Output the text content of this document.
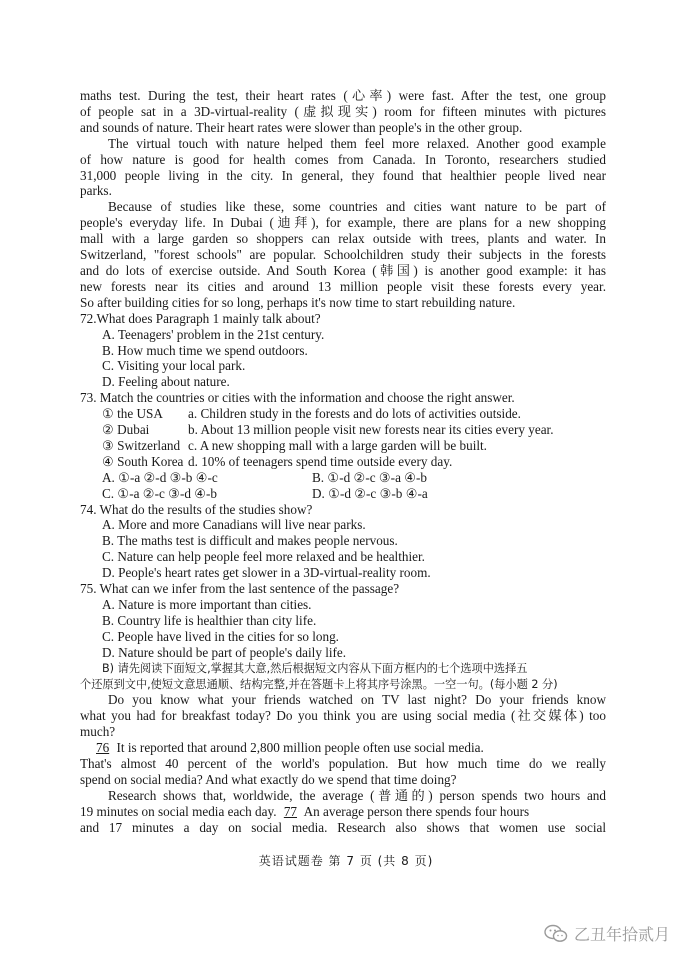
maths test. During the test, their heart rates (心率) were fast. After the test, one group
of people sat in a 3D-virtual-reality (虚拟现实) room for fifteen minutes with pictures
and sounds of nature. Their heart rates were slower than people's in the other group.
The virtual touch with nature helped them feel more relaxed. Another good example
of how nature is good for health comes from Canada. In Toronto, researchers studied
31,000 people living in the city. In general, they found that healthier people lived near
parks.
Because of studies like these, some countries and cities want nature to be part of
people's everyday life. In Dubai (迪拜), for example, there are plans for a new shopping
mall with a large garden so shoppers can relax outside with trees, plants and water. In
Switzerland, "forest schools" are popular. Schoolchildren study their subjects in the forests
and do lots of exercise outside. And South Korea (韩国) is another good example: it has
new forests near its cities and around 13 million people visit these forests every year.
So after building cities for so long, perhaps it's now time to start rebuilding nature.
72.What does Paragraph 1 mainly talk about?
A. Teenagers' problem in the 21st century.
B. How much time we spend outdoors.
C. Visiting your local park.
D. Feeling about nature.
73. Match the countries or cities with the information and choose the right answer.
① the USA	a. Children study in the forests and do lots of activities outside.
② Dubai	b. About 13 million people visit new forests near its cities every year.
③ Switzerland c. A new shopping mall with a large garden will be built.
④ South Korea d. 10% of teenagers spend time outside every day.
A. ①-a ②-d ③-b ④-c	B. ①-d ②-c ③-a ④-b
C. ①-a ②-c ③-d ④-b	D. ①-d ②-c ③-b ④-a
74. What do the results of the studies show?
A. More and more Canadians will live near parks.
B. The maths test is difficult and makes people nervous.
C. Nature can help people feel more relaxed and be healthier.
D. People's heart rates get slower in a 3D-virtual-reality room.
75. What can we infer from the last sentence of the passage?
A. Nature is more important than cities.
B. Country life is healthier than city life.
C. People have lived in the cities for so long.
D. Nature should be part of people's daily life.
B) 请先阅读下面短文,掌握其大意,然后根据短文内容从下面方框内的七个选项中选择五
个还原到文中,使短文意思通顺、结构完整,并在答题卡上将其序号涂黑。一空一句。(每小题 2 分)
Do you know what your friends watched on TV last night? Do your friends know
what you had for breakfast today? Do you think you are using social media (社交媒体) too
much?
76 It is reported that around 2,800 million people often use social media.
That's almost 40 percent of the world's population. But how much time do we really
spend on social media? And what exactly do we spend that time doing?
Research shows that, worldwide, the average (普通的) person spends two hours and
19 minutes on social media each day. 77 An average person there spends four hours
and 17 minutes a day on social media. Research also shows that women use social
英语试题卷 第 7 页 (共 8 页)
乙丑年拾贰月
